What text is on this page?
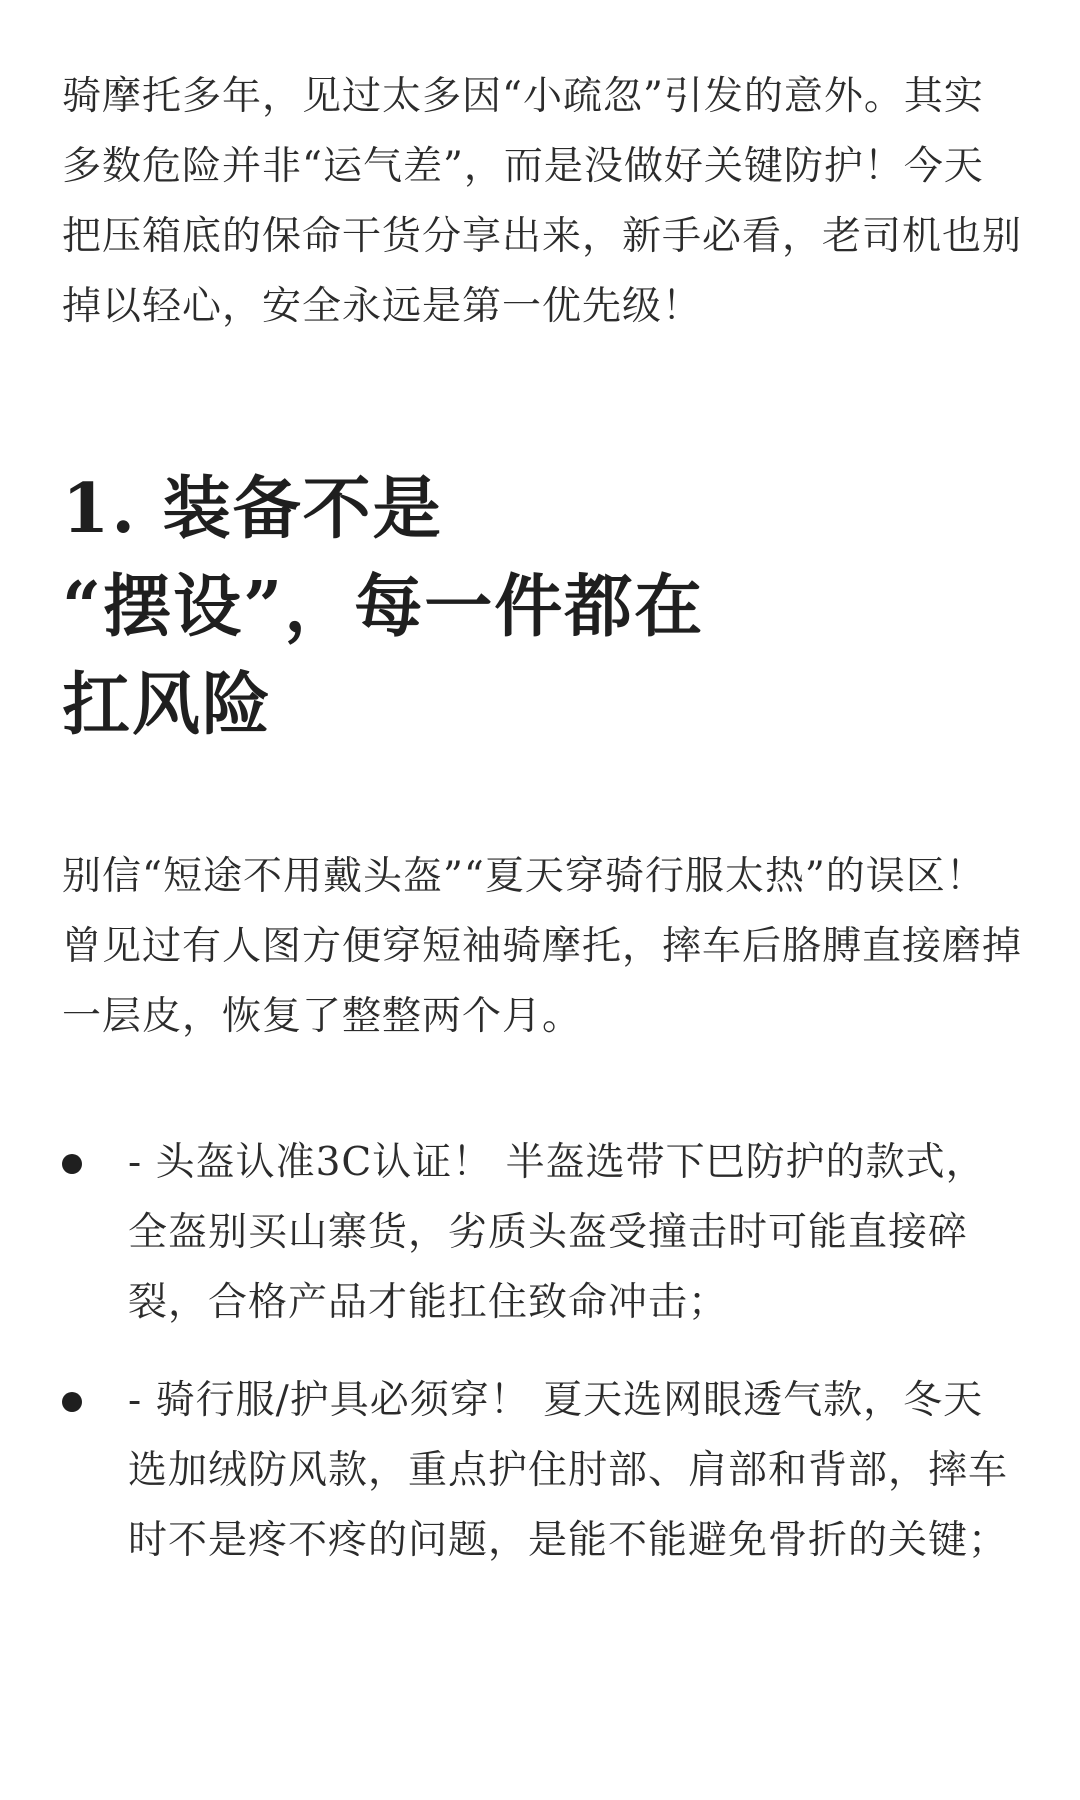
骑摩托多年，见过太多因“小疏忽”引发的意外。其实多数危险并非“运气差”，而是没做好关键防护！今天把压箱底的保命干货分享出来，新手必看，老司机也别掉以轻心，安全永远是第一优先级！

1. 装备不是
“摆设”，每一件都在
扛风险

别信“短途不用戴头盔”“夏天穿骑行服太热”的误区！曾见过有人图方便穿短袖骑摩托，摔车后胳膊直接磨掉一层皮，恢复了整整两个月。

- 头盔认准3C认证！ 半盔选带下巴防护的款式，全盔别买山寨货，劣质头盔受撞击时可能直接碎裂，合格产品才能扛住致命冲击；
- 骑行服/护具必须穿！ 夏天选网眼透气款，冬天选加绒防风款，重点护住肘部、肩部和背部，摔车时不是疼不疼的问题，是能不能避免骨折的关键；
